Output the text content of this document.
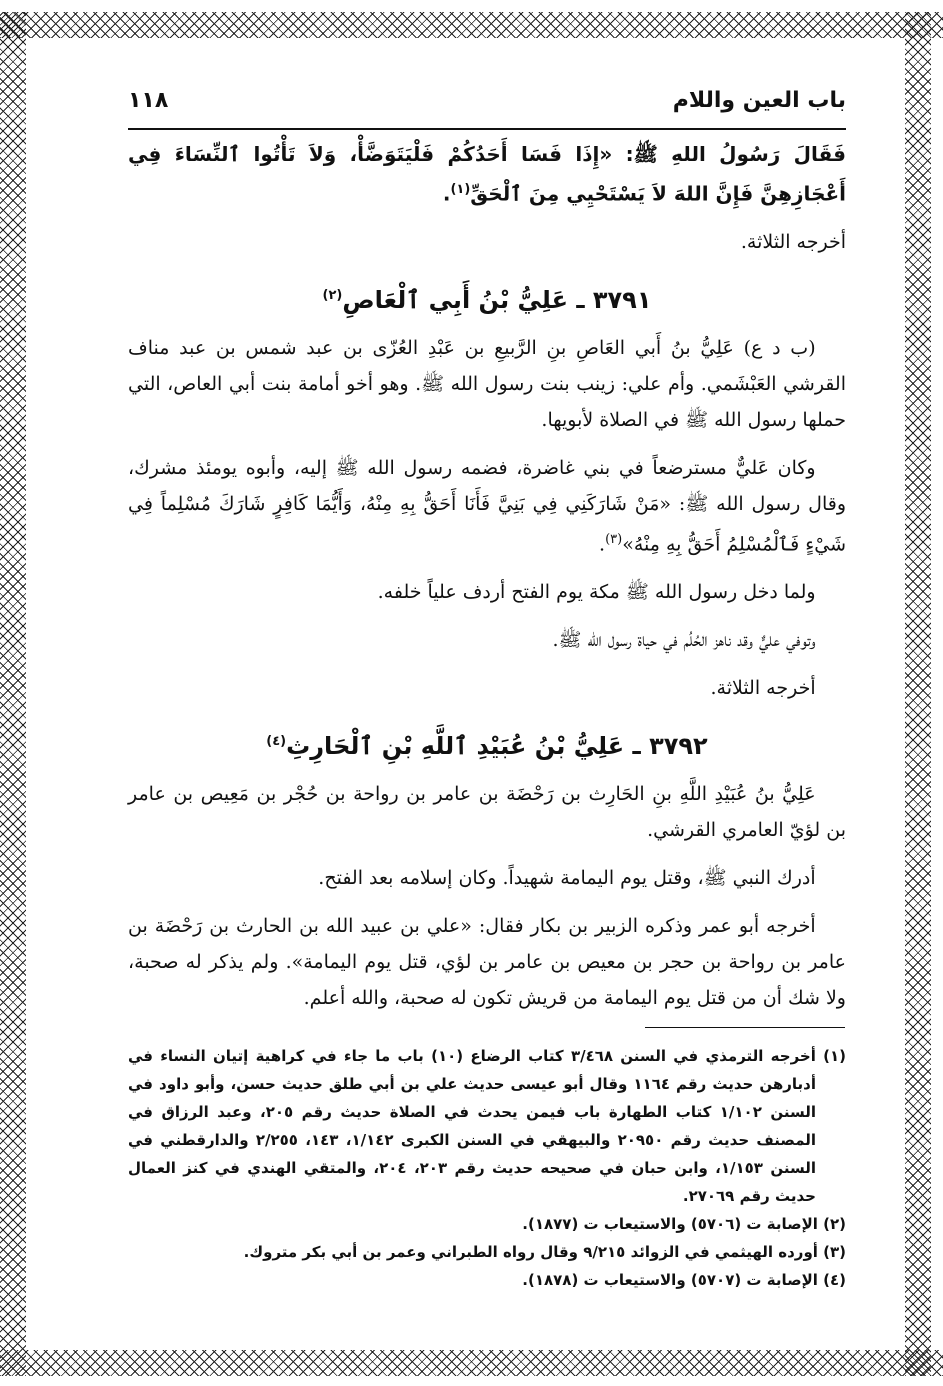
باب العين واللام
١١٨

فَقَالَ رَسُولُ اللهِ ﷺ: «إِذَا فَسَا أَحَدُكُمْ فَلْيَتَوَضَّأْ، وَلاَ تَأْتُوا ٱلنِّسَاءَ فِي أَعْجَازِهِنَّ فَإِنَّ اللهَ لاَ يَسْتَحْيِي مِنَ ٱلْحَقِّ$^{(١)}$.

أخرجه الثلاثة.

٣٧٩١ ـ عَلِيُّ بْنُ أَبِي ٱلْعَاصِ$^{(٢)}$

(ب د ع) عَلِيُّ بنُ أَبي العَاصِ بنِ الرَّبيعِ بن عَبْدِ العُزّى بن عبد شمس بن عبد مناف القرشي العَبْشَمي. وأم علي: زينب بنت رسول الله ﷺ. وهو أخو أمامة بنت أبي العاص، التي حملها رسول الله ﷺ في الصلاة لأبويها.

وكان عَليٌّ مسترضعاً في بني غاضرة، فضمه رسول الله ﷺ إليه، وأبوه يومئذ مشرك، وقال رسول الله ﷺ: «مَنْ شَارَكَنِي فِي بَنِيَّ فَأَنَا أَحَقُّ بِهِ مِنْهُ، وَأَيُّمَا كَافِرٍ شَارَكَ مُسْلِماً فِي شَيْءٍ فَٱلْمُسْلِمُ أَحَقُّ بِهِ مِنْهُ»$^{(٣)}$.

ولما دخل رسول الله ﷺ مكة يوم الفتح أردف علياً خلفه.

وتوفي عليٌّ وقد ناهز الحُلُم في حياة رسول الله ﷺ.

أخرجه الثلاثة.

٣٧٩٢ ـ عَلِيُّ بْنُ عُبَيْدِ ٱللَّهِ بْنِ ٱلْحَارِثِ$^{(٤)}$

عَلِيُّ بنُ عُبَيْدِ اللَّهِ بنِ الحَارِث بن رَحْضَة بن عامر بن رواحة بن حُجْر بن مَعِيص بن عامر بن لؤيّ العامري القرشي.

أدرك النبي ﷺ، وقتل يوم اليمامة شهيداً. وكان إسلامه بعد الفتح.

أخرجه أبو عمر وذكره الزبير بن بكار فقال: «علي بن عبيد الله بن الحارث بن رَحْضَة بن عامر بن رواحة بن حجر بن معيص بن عامر بن لؤي، قتل يوم اليمامة». ولم يذكر له صحبة، ولا شك أن من قتل يوم اليمامة من قريش تكون له صحبة، والله أعلم.

(١) أخرجه الترمذي في السنن ٣/٤٦٨ كتاب الرضاع (١٠) باب ما جاء في كراهية إتيان النساء في أدبارهن حديث رقم ١١٦٤ وقال أبو عيسى حديث علي بن أبي طلق حديث حسن، وأبو داود في السنن ١/١٠٢ كتاب الطهارة باب فيمن يحدث في الصلاة حديث رقم ٢٠٥، وعبد الرزاق في المصنف حديث رقم ٢٠٩٥٠ والبيهقي في السنن الكبرى ١/١٤٢، ١٤٣، ٢/٢٥٥ والدارقطني في السنن ١/١٥٣، وابن حبان في صحيحه حديث رقم ٢٠٣، ٢٠٤، والمتقي الهندي في كنز العمال حديث رقم ٢٧٠٦٩.

(٢) الإصابة ت (٥٧٠٦) والاستيعاب ت (١٨٧٧).

(٣) أورده الهيثمي في الزوائد ٩/٢١٥ وقال رواه الطبراني وعمر بن أبي بكر متروك.

(٤) الإصابة ت (٥٧٠٧) والاستيعاب ت (١٨٧٨).
